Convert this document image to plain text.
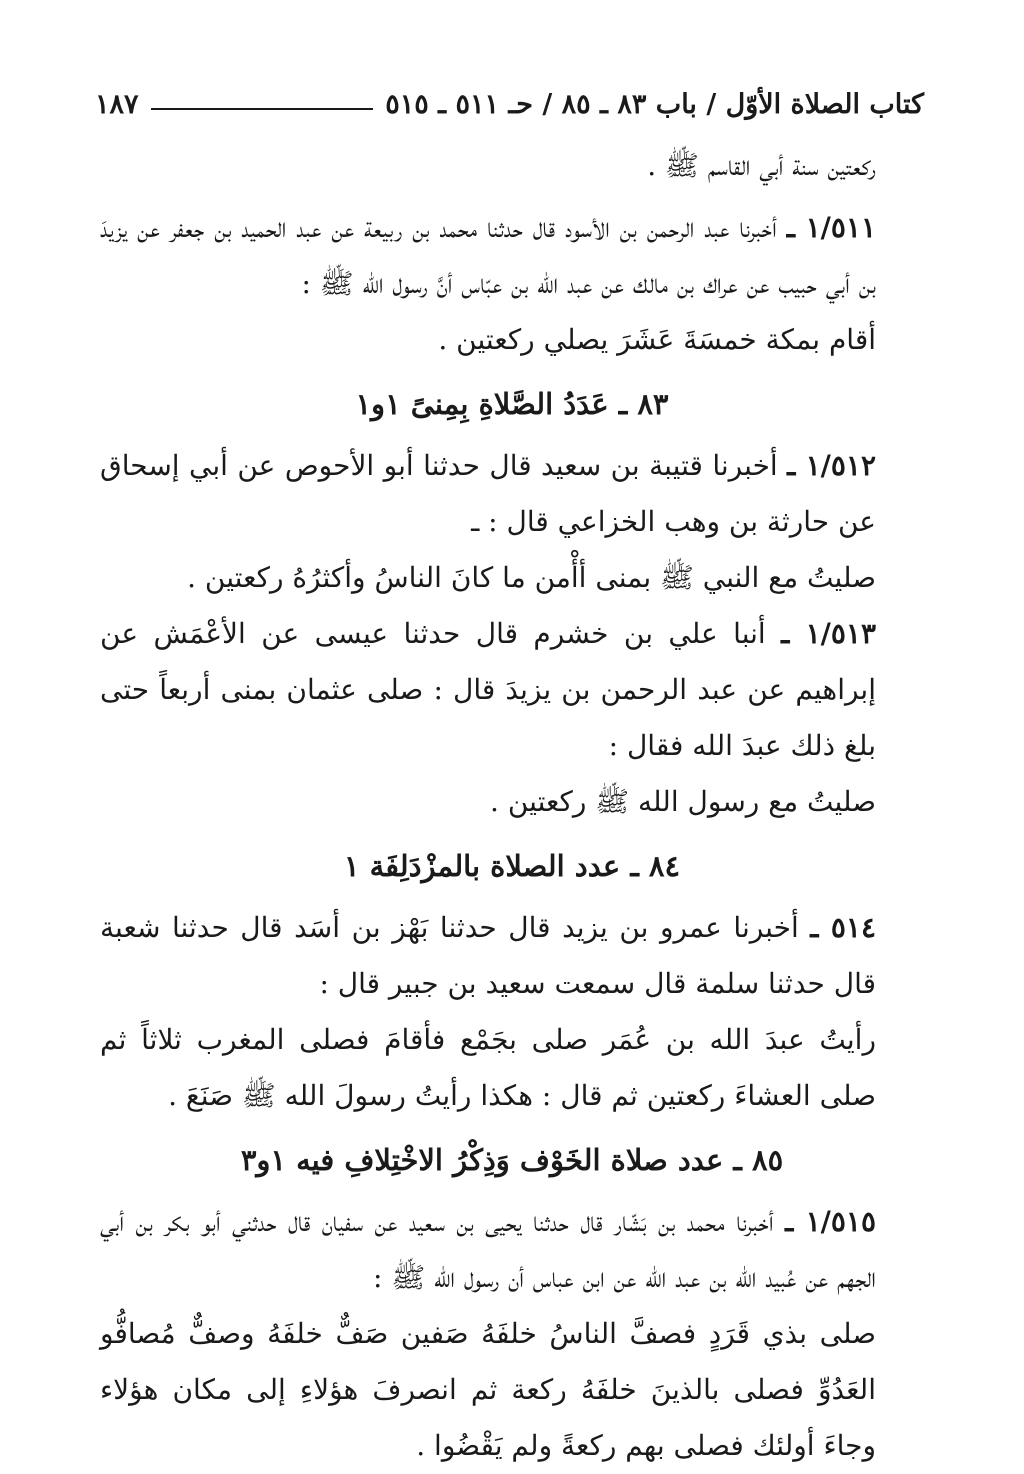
كتاب الصلاة الأوّل / باب ٨٣ ـ ٨٥ / حـ ٥١١ ـ ٥١٥
١٨٧

ركعتين سنة أبي القاسم ﷺ .

١/٥١١ ـ أخبرنا عبد الرحمن بن الأسود قال حدثنا محمد بن ربيعة عن عبد الحميد بن جعفر عن يزيدَ بن أبي حبيب عن عراك بن مالك عن عبد الله بن عبّاس أنَّ رسول الله ﷺ :

أقام بمكة خمسَةَ عَشَرَ يصلي ركعتين .

٨٣ ـ عَدَدُ الصَّلاةِ بِمِنىً ١و١

١/٥١٢ ـ أخبرنا قتيبة بن سعيد قال حدثنا أبو الأحوص عن أبي إسحاق عن حارثة بن وهب الخزاعي قال : ـ

صليتُ مع النبي ﷺ بمنى أأْمن ما كانَ الناسُ وأكثرُهُ ركعتين .

١/٥١٣ ـ أنبا علي بن خشرم قال حدثنا عيسى عن الأعْمَش عن إبراهيم عن عبد الرحمن بن يزيدَ قال : صلى عثمان بمنى أربعاً حتى بلغ ذلك عبدَ الله فقال :

صليتُ مع رسول الله ﷺ ركعتين .

٨٤ ـ عدد الصلاة بالمزْدَلِفَة ١

٥١٤ ـ أخبرنا عمرو بن يزيد قال حدثنا بَهْز بن أسَد قال حدثنا شعبة قال حدثنا سلمة قال سمعت سعيد بن جبير قال :

رأيتُ عبدَ الله بن عُمَر صلى بجَمْع فأقامَ فصلى المغرب ثلاثاً ثم صلى العشاءَ ركعتين ثم قال : هكذا رأيتُ رسولَ الله ﷺ صَنَعَ .

٨٥ ـ عدد صلاة الخَوْف وَذِكْرُ الاخْتِلافِ فيه ١و٣

١/٥١٥ ـ أخبرنا محمد بن بَشّار قال حدثنا يحيى بن سعيد عن سفيان قال حدثني أبو بكر بن أبي الجهم عن عُبيد الله بن عبد الله عن ابن عباس أن رسول الله ﷺ :

صلى بذي قَرَدٍ فصفَّ الناسُ خلفَهُ صَفين صَفٌّ خلفَهُ وصفٌّ مُصافُّو العَدُوِّ فصلى بالذينَ خلفَهُ ركعة ثم انصرفَ هؤلاءِ إلى مكان هؤلاء وجاءَ أولئك فصلى بهم ركعةً ولم يَقْضُوا .
